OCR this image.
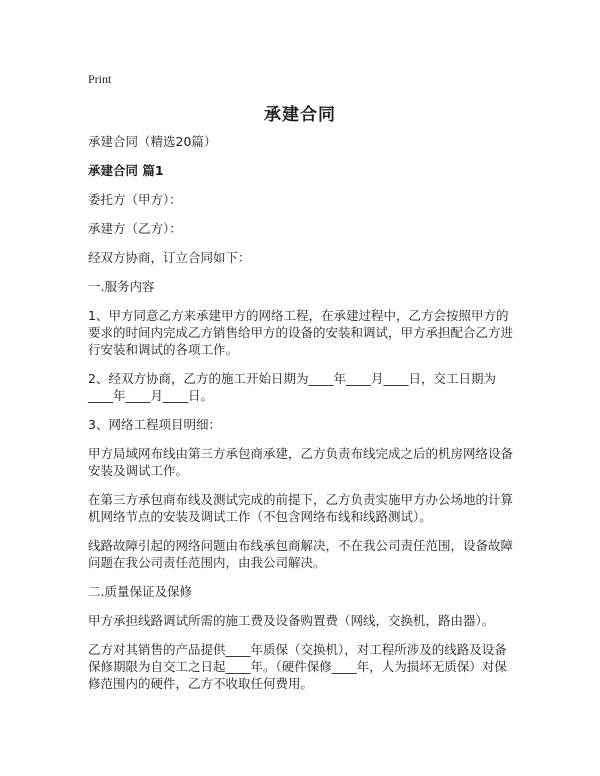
Print
承建合同

承建合同（精选20篇）

承建合同 篇1

委托方（甲方）：

承建方（乙方）：

经双方协商，订立合同如下：

一.服务内容

1、甲方同意乙方来承建甲方的网络工程，在承建过程中，乙方会按照甲方的要求的时间内完成乙方销售给甲方的设备的安装和调试，甲方承担配合乙方进行安装和调试的各项工作。

2、经双方协商，乙方的施工开始日期为____年____月____日，交工日期为____年____月____日。

3、网络工程项目明细：

甲方局域网布线由第三方承包商承建，乙方负责布线完成之后的机房网络设备安装及调试工作。

在第三方承包商布线及测试完成的前提下，乙方负责实施甲方办公场地的计算机网络节点的安装及调试工作（不包含网络布线和线路测试）。

线路故障引起的网络问题由布线承包商解决，不在我公司责任范围，设备故障问题在我公司责任范围内，由我公司解决。

二.质量保证及保修

甲方承担线路调试所需的施工费及设备购置费（网线，交换机，路由器）。

乙方对其销售的产品提供____年质保（交换机），对工程所涉及的线路及设备保修期限为自交工之日起____年。（硬件保修____年，人为损坏无质保）对保修范围内的硬件，乙方不收取任何费用。
